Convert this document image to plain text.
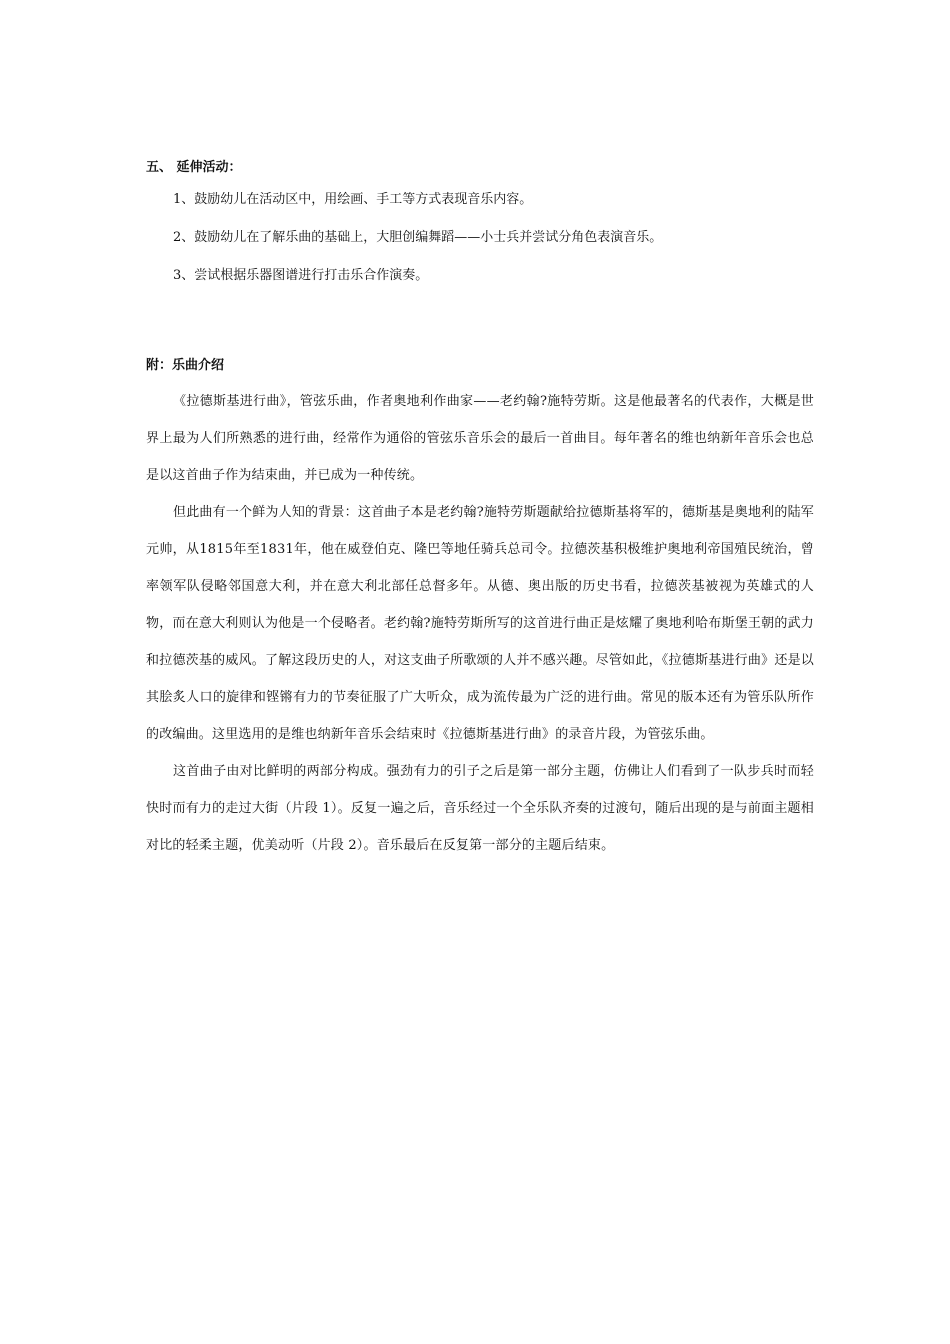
五、 延伸活动：
1、鼓励幼儿在活动区中，用绘画、手工等方式表现音乐内容。
2、鼓励幼儿在了解乐曲的基础上，大胆创编舞蹈——小士兵并尝试分角色表演音乐。
3、尝试根据乐器图谱进行打击乐合作演奏。
附：乐曲介绍

《拉德斯基进行曲》，管弦乐曲，作者奥地利作曲家——老约翰?施特劳斯。这是他最著名的代表作，大概是世界上最为人们所熟悉的进行曲，经常作为通俗的管弦乐音乐会的最后一首曲目。每年著名的维也纳新年音乐会也总是以这首曲子作为结束曲，并已成为一种传统。

但此曲有一个鲜为人知的背景：这首曲子本是老约翰?施特劳斯题献给拉德斯基将军的，德斯基是奥地利的陆军元帅，从1815年至1831年，他在威登伯克、隆巴等地任骑兵总司令。拉德茨基积极维护奥地利帝国殖民统治，曾率领军队侵略邻国意大利，并在意大利北部任总督多年。从德、奥出版的历史书看，拉德茨基被视为英雄式的人物，而在意大利则认为他是一个侵略者。老约翰?施特劳斯所写的这首进行曲正是炫耀了奥地利哈布斯堡王朝的武力和拉德茨基的威风。了解这段历史的人，对这支曲子所歌颂的人并不感兴趣。尽管如此，《拉德斯基进行曲》还是以其脍炙人口的旋律和铿锵有力的节奏征服了广大听众，成为流传最为广泛的进行曲。常见的版本还有为管乐队所作的改编曲。这里选用的是维也纳新年音乐会结束时《拉德斯基进行曲》的录音片段，为管弦乐曲。

这首曲子由对比鲜明的两部分构成。强劲有力的引子之后是第一部分主题，仿佛让人们看到了一队步兵时而轻快时而有力的走过大街（片段 1）。反复一遍之后，音乐经过一个全乐队齐奏的过渡句，随后出现的是与前面主题相对比的轻柔主题，优美动听（片段 2）。音乐最后在反复第一部分的主题后结束。
